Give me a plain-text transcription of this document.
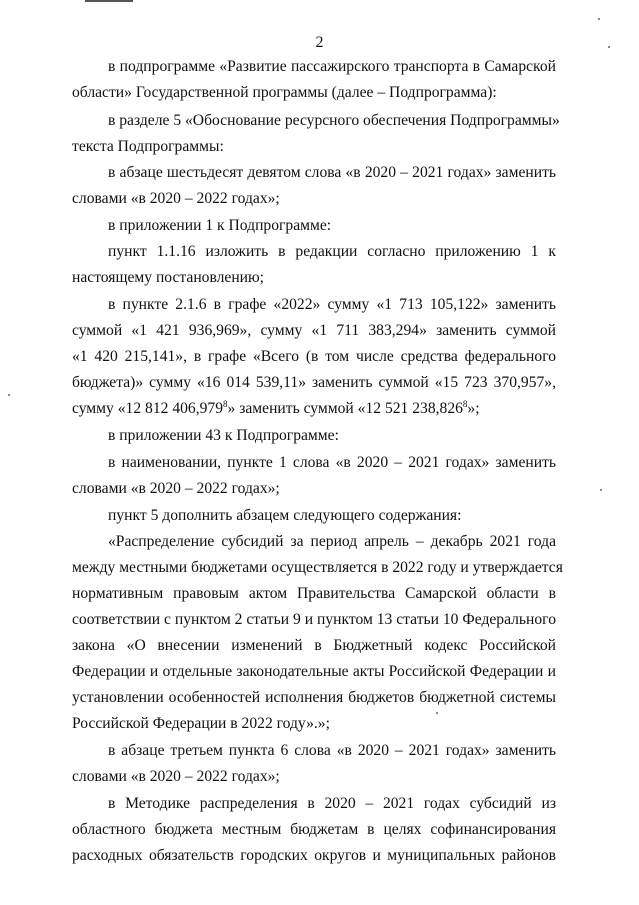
2
в подпрограмме «Развитие пассажирского транспорта в Самарской
области» Государственной программы (далее – Подпрограмма):
в разделе 5 «Обоснование ресурсного обеспечения Подпрограммы»
текста Подпрограммы:
в абзаце шестьдесят девятом слова «в 2020 – 2021 годах» заменить
словами «в 2020 – 2022 годах»;
в приложении 1 к Подпрограмме:
пункт 1.1.16 изложить в редакции согласно приложению 1 к
настоящему постановлению;
в пункте 2.1.6 в графе «2022» сумму «1 713 105,122» заменить
суммой «1 421 936,969», сумму «1 711 383,294» заменить суммой
«1 420 215,141», в графе «Всего (в том числе средства федерального
бюджета)» сумму «16 014 539,11» заменить суммой «15 723 370,957»,
сумму «12 812 406,979$^8$» заменить суммой «12 521 238,826$^8$»;
в приложении 43 к Подпрограмме:
в наименовании, пункте 1 слова «в 2020 – 2021 годах» заменить
словами «в 2020 – 2022 годах»;
пункт 5 дополнить абзацем следующего содержания:
«Распределение субсидий за период апрель – декабрь 2021 года
между местными бюджетами осуществляется в 2022 году и утверждается
нормативным правовым актом Правительства Самарской области в
соответствии с пунктом 2 статьи 9 и пунктом 13 статьи 10 Федерального
закона «О внесении изменений в Бюджетный кодекс Российской
Федерации и отдельные законодательные акты Российской Федерации и
установлении особенностей исполнения бюджетов бюджетной системы
Российской Федерации в 2022 году».»;
в абзаце третьем пункта 6 слова «в 2020 – 2021 годах» заменить
словами «в 2020 – 2022 годах»;
в Методике распределения в 2020 – 2021 годах субсидий из
областного бюджета местным бюджетам в целях софинансирования
расходных обязательств городских округов и муниципальных районов
